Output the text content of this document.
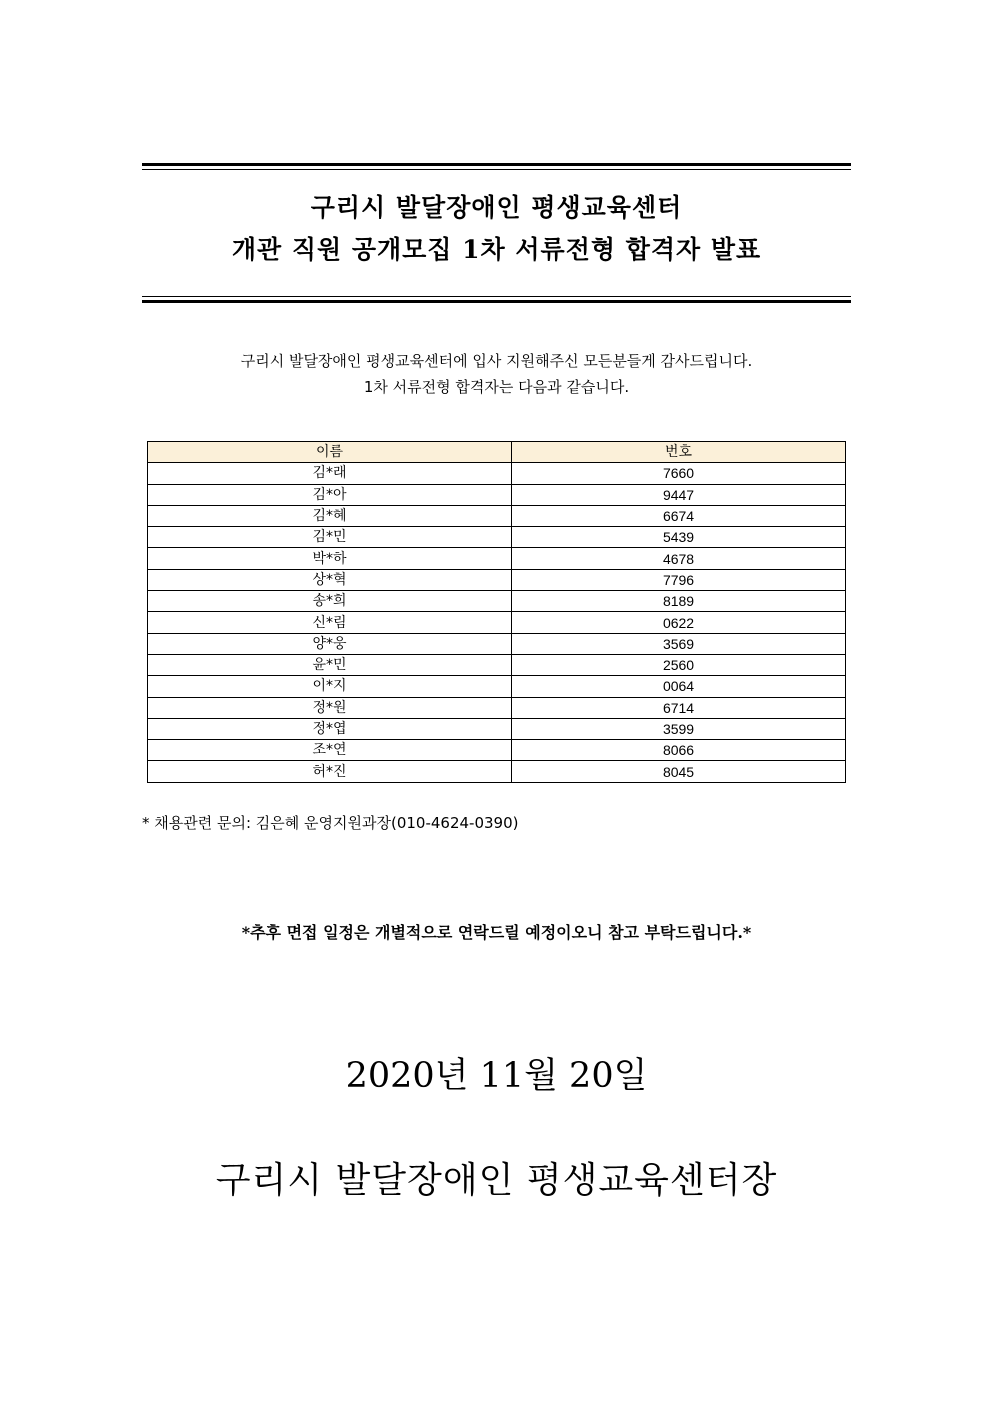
구리시 발달장애인 평생교육센터
개관 직원 공개모집 1차 서류전형 합격자 발표
구리시 발달장애인 평생교육센터에 입사 지원해주신 모든분들게 감사드립니다.
1차 서류전형 합격자는 다음과 같습니다.
이름	번호
김*래	7660
김*아	9447
김*혜	6674
김*민	5439
박*하	4678
상*혁	7796
송*희	8189
신*림	0622
양*웅	3569
윤*민	2560
이*지	0064
정*원	6714
정*엽	3599
조*연	8066
허*진	8045
* 채용관련 문의: 김은혜 운영지원과장(010-4624-0390)
*추후 면접 일정은 개별적으로 연락드릴 예정이오니 참고 부탁드립니다.*
2020년 11월 20일
구리시 발달장애인 평생교육센터장
